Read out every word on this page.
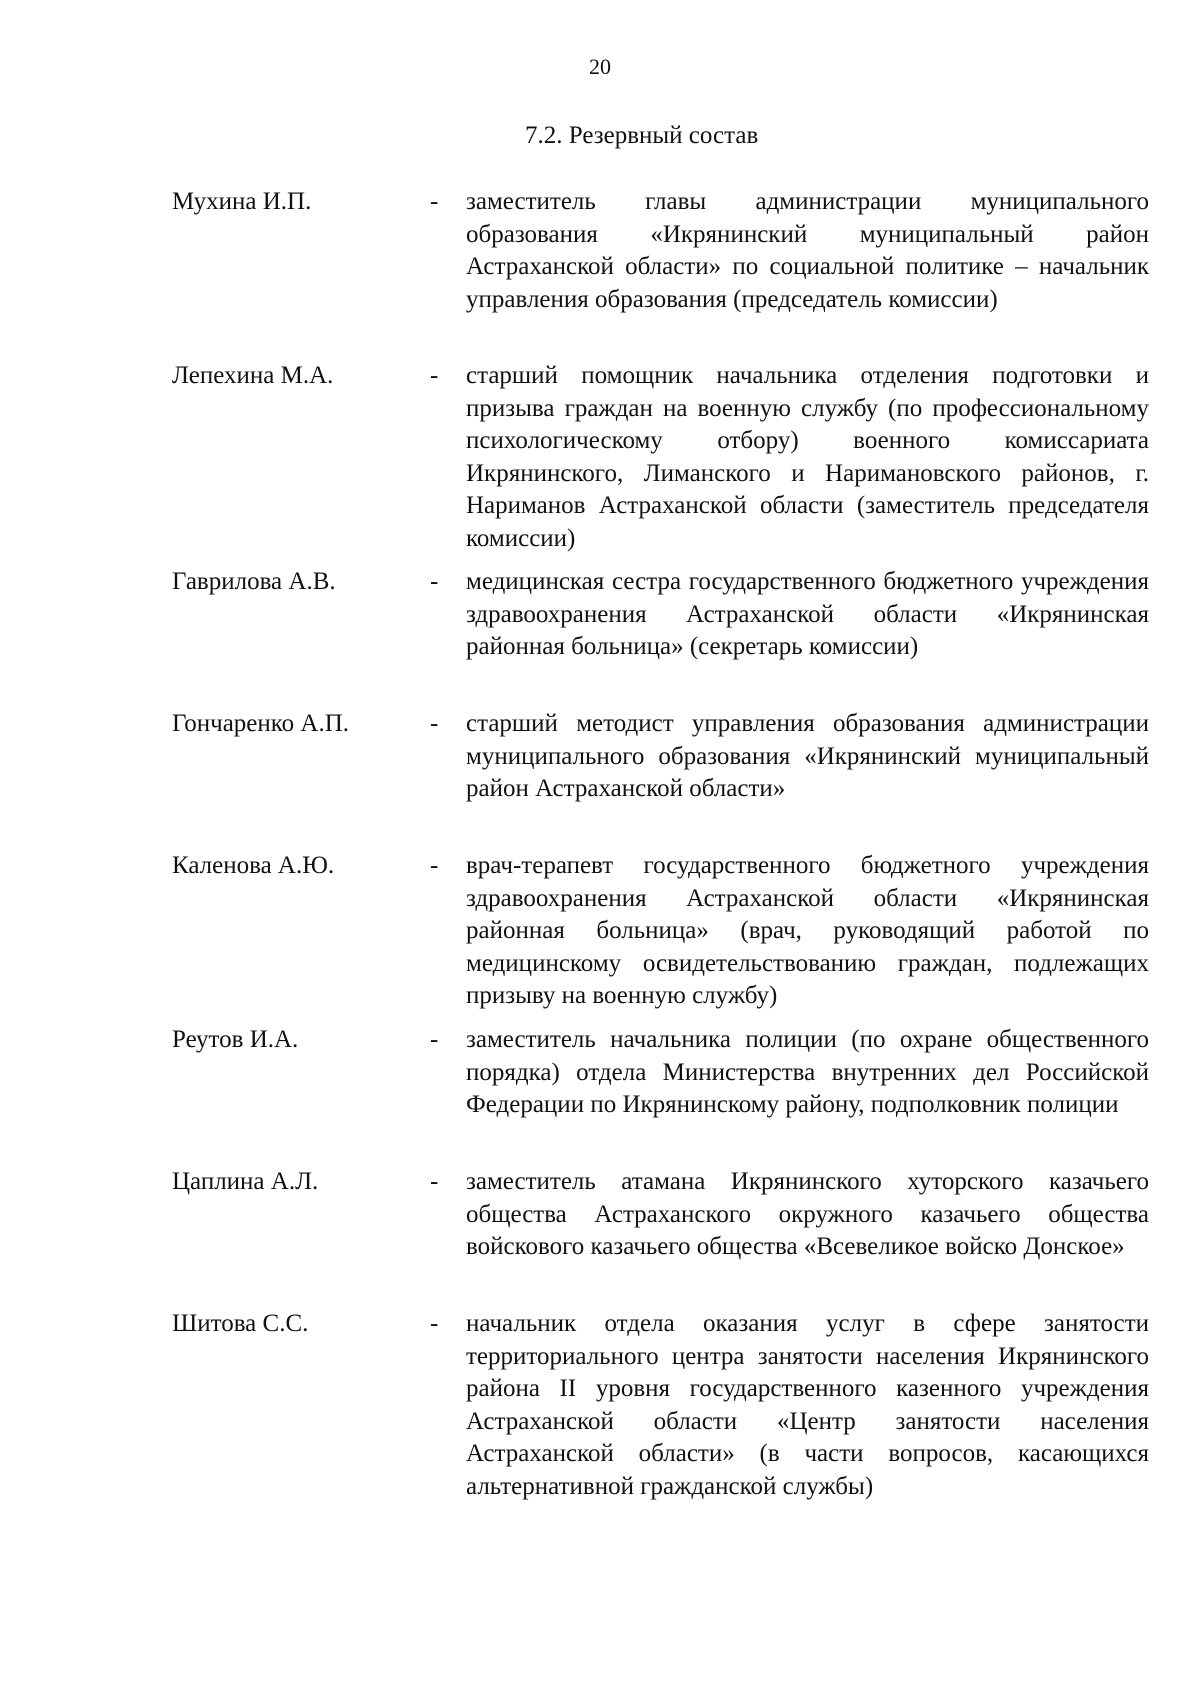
20
7.2. Резервный состав
Мухина И.П.	- заместитель главы администрации муниципального образования «Икрянинский муниципальный район Астраханской области» по социальной политике – начальник управления образования (председатель комиссии)
Лепехина М.А.	- старший помощник начальника отделения подготовки и призыва граждан на военную службу (по профессиональному психологическому отбору) военного комиссариата Икрянинского, Лиманского и Наримановского районов, г. Нариманов Астраханской области (заместитель председателя комиссии)
Гаврилова А.В.	- медицинская сестра государственного бюджетного учреждения здравоохранения Астраханской области «Икрянинская районная больница» (секретарь комиссии)
Гончаренко А.П.	- старший методист управления образования администрации муниципального образования «Икрянинский муниципальный район Астраханской области»
Каленова А.Ю.	- врач-терапевт государственного бюджетного учреждения здравоохранения Астраханской области «Икрянинская районная больница» (врач, руководящий работой по медицинскому освидетельствованию граждан, подлежащих призыву на военную службу)
Реутов И.А.	- заместитель начальника полиции (по охране общественного порядка) отдела Министерства внутренних дел Российской Федерации по Икрянинскому району, подполковник полиции
Цаплина А.Л.	- заместитель атамана Икрянинского хуторского казачьего общества Астраханского окружного казачьего общества войскового казачьего общества «Всевеликое войско Донское»
Шитова С.С.	- начальник отдела оказания услуг в сфере занятости территориального центра занятости населения Икрянинского района II уровня государственного казенного учреждения Астраханской области «Центр занятости населения Астраханской области» (в части вопросов, касающихся альтернативной гражданской службы)
